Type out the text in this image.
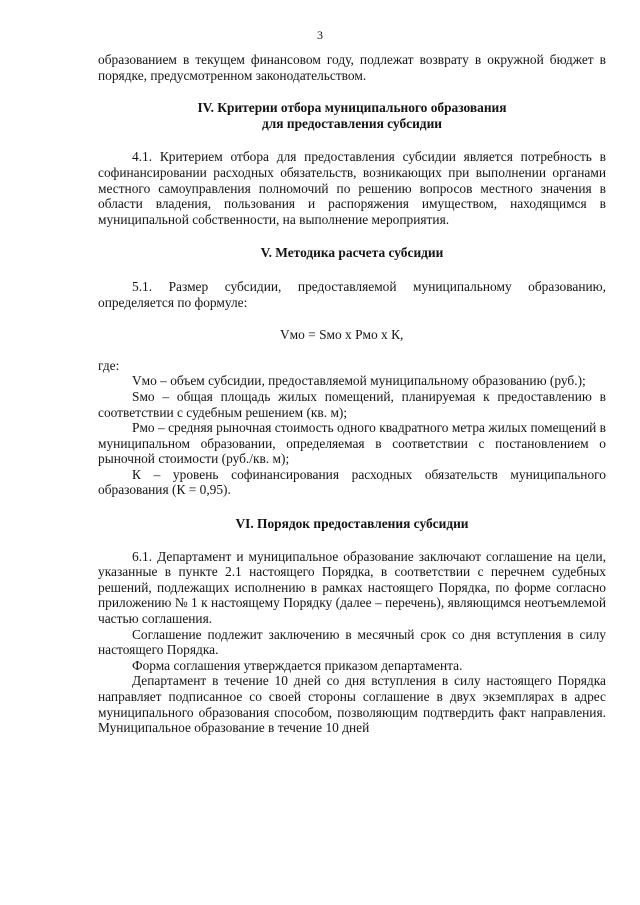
3

образованием в текущем финансовом году, подлежат возврату в окружной бюджет в порядке, предусмотренном законодательством.

IV. Критерии отбора муниципального образования
для предоставления субсидии

4.1. Критерием отбора для предоставления субсидии является потребность в софинансировании расходных обязательств, возникающих при выполнении органами местного самоуправления полномочий по решению вопросов местного значения в области владения, пользования и распоряжения имуществом, находящимся в муниципальной собственности, на выполнение мероприятия.

V. Методика расчета субсидии

5.1. Размер субсидии, предоставляемой муниципальному образованию, определяется по формуле:

Vмо = Sмо x Рмо x К,

где:

Vмо – объем субсидии, предоставляемой муниципальному образованию (руб.);

Sмо – общая площадь жилых помещений, планируемая к предоставлению в соответствии с судебным решением (кв. м);

Рмо – средняя рыночная стоимость одного квадратного метра жилых помещений в муниципальном образовании, определяемая в соответствии с постановлением о рыночной стоимости (руб./кв. м);

К – уровень софинансирования расходных обязательств муниципального образования (К = 0,95).

VI. Порядок предоставления субсидии

6.1. Департамент и муниципальное образование заключают соглашение на цели, указанные в пункте 2.1 настоящего Порядка, в соответствии с перечнем судебных решений, подлежащих исполнению в рамках настоящего Порядка, по форме согласно приложению № 1 к настоящему Порядку (далее – перечень), являющимся неотъемлемой частью соглашения.

Соглашение подлежит заключению в месячный срок со дня вступления в силу настоящего Порядка.

Форма соглашения утверждается приказом департамента.

Департамент в течение 10 дней со дня вступления в силу настоящего Порядка направляет подписанное со своей стороны соглашение в двух экземплярах в адрес муниципального образования способом, позволяющим подтвердить факт направления. Муниципальное образование в течение 10 дней
